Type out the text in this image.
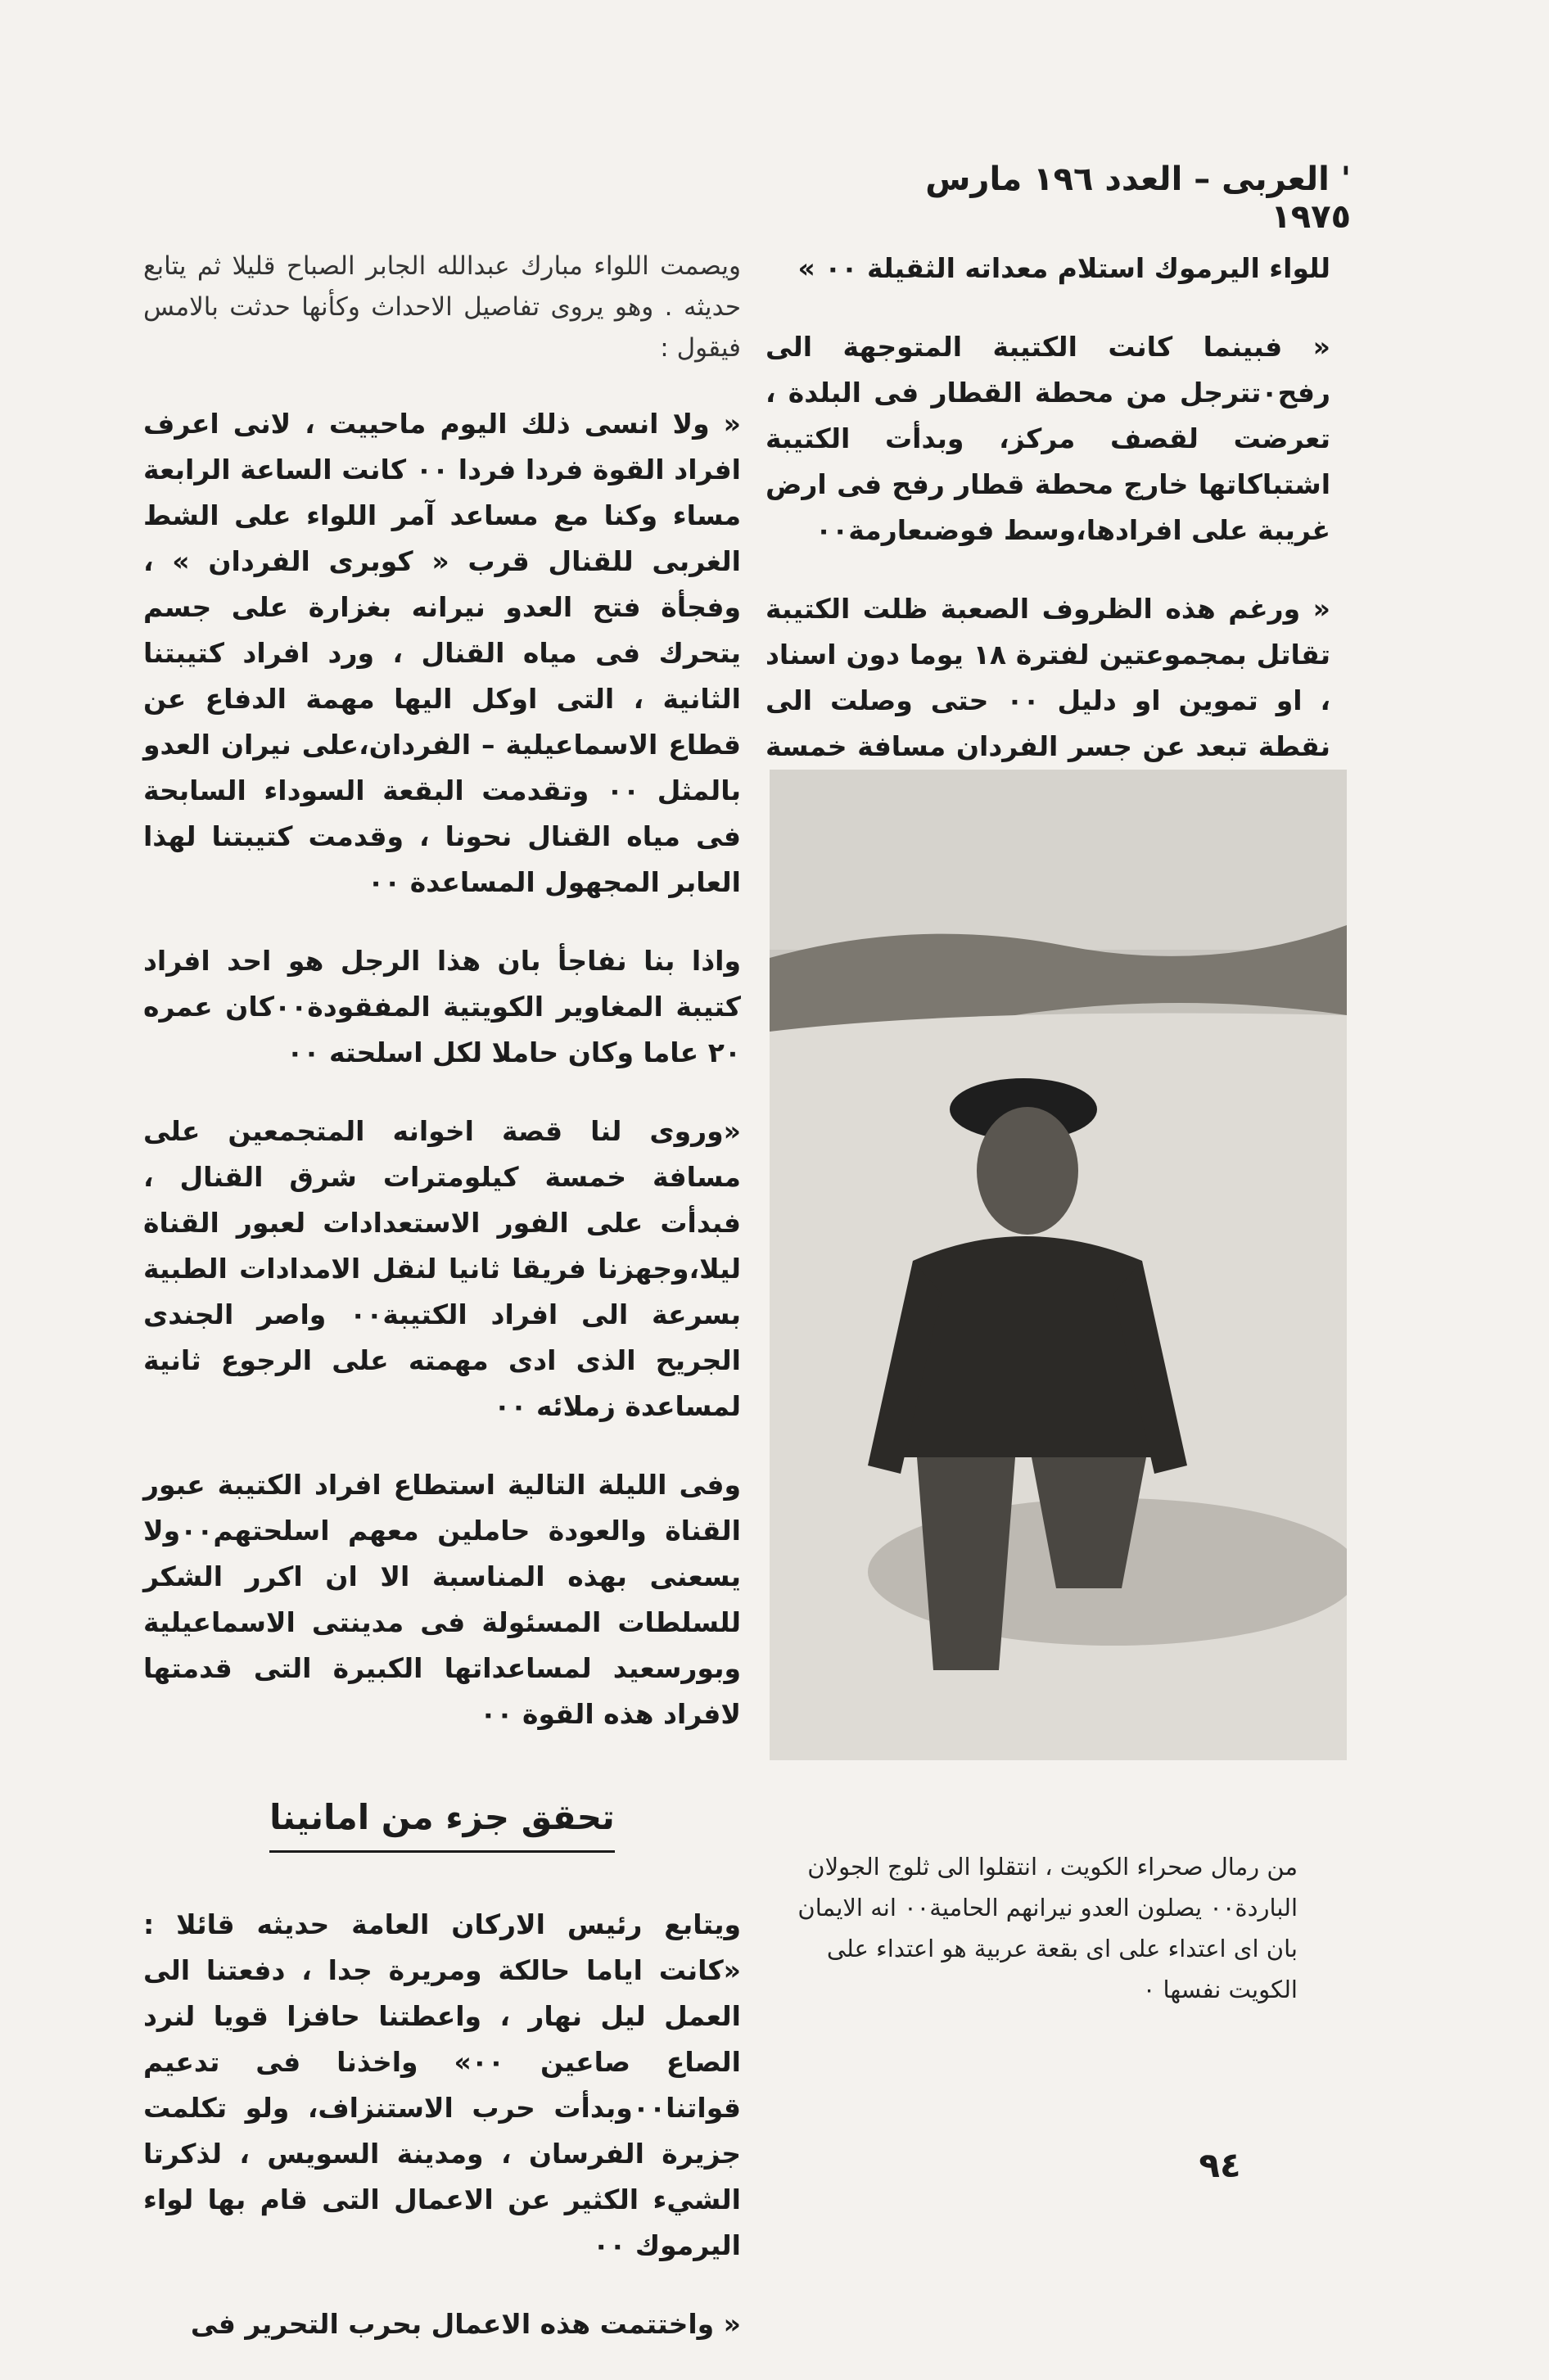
' العربى – العدد ١٩٦ مارس ١٩٧٥

للواء اليرموك استلام معداته الثقيلة ٠٠ »

« فبينما كانت الكتيبة المتوجهة الى رفح٠تترجل من محطة القطار فى البلدة ، تعرضت لقصف مركز، وبدأت الكتيبة اشتباكاتها خارج محطة قطار رفح فى ارض غريبة على افرادها،وسط فوضىعارمة٠٠

« ورغم هذه الظروف الصعبة ظلت الكتيبة تقاتل بمجموعتين لفترة ١٨ يوما دون اسناد ، او تموين او دليل ٠٠ حتى وصلت الى نقطة تبعد عن جسر الفردان مسافة خمسة

من رمال صحراء الكويت ، انتقلوا الى ثلوج الجولان الباردة٠٠ يصلون العدو نيرانهم الحامية٠٠ انه الايمان بان اى اعتداء على اى بقعة عربية هو اعتداء على الكويت نفسها ٠

ويصمت اللواء مبارك عبدالله الجابر الصباح قليلا ثم يتابع حديثه . وهو يروى تفاصيل الاحداث وكأنها حدثت بالامس فيقول :

« ولا انسى ذلك اليوم ماحييت ، لانى اعرف افراد القوة فردا فردا ٠٠ كانت الساعة الرابعة مساء وكنا مع مساعد آمر اللواء على الشط الغربى للقنال قرب « كوبرى الفردان » ، وفجأة فتح العدو نيرانه بغزارة على جسم يتحرك فى مياه القنال ، ورد افراد كتيبتنا الثانية ، التى اوكل اليها مهمة الدفاع عن قطاع الاسماعيلية – الفردان،على نيران العدو بالمثل ٠٠ وتقدمت البقعة السوداء السابحة فى مياه القنال نحونا ، وقدمت كتيبتنا لهذا العابر المجهول المساعدة ٠٠

واذا بنا نفاجأ بان هذا الرجل هو احد افراد كتيبة المغاوير الكويتية المفقودة٠٠كان عمره ٢٠ عاما وكان حاملا لكل اسلحته ٠٠

«وروى لنا قصة اخوانه المتجمعين على مسافة خمسة كيلومترات شرق القنال ، فبدأت على الفور الاستعدادات لعبور القناة ليلا،وجهزنا فريقا ثانيا لنقل الامدادات الطبية بسرعة الى افراد الكتيبة٠٠ واصر الجندى الجريح الذى ادى مهمته على الرجوع ثانية لمساعدة زملائه ٠٠

وفى الليلة التالية استطاع افراد الكتيبة عبور القناة والعودة حاملين معهم اسلحتهم٠٠ولا يسعنى بهذه المناسبة الا ان اكرر الشكر للسلطات المسئولة فى مدينتى الاسماعيلية وبورسعيد لمساعداتها الكبيرة التى قدمتها لافراد هذه القوة ٠٠

تحقق جزء من امانينا

ويتابع رئيس الاركان العامة حديثه قائلا : «كانت اياما حالكة ومريرة جدا ، دفعتنا الى العمل ليل نهار ، واعطتنا حافزا قويا لنرد الصاع صاعين ٠٠» واخذنا فى تدعيم قواتنا٠٠وبدأت حرب الاستنزاف، ولو تكلمت جزيرة الفرسان ، ومدينة السويس ، لذكرتا الشيء الكثير عن الاعمال التى قام بها لواء اليرموك ٠٠

« واختتمت هذه الاعمال بحرب التحرير فى

٩٤
